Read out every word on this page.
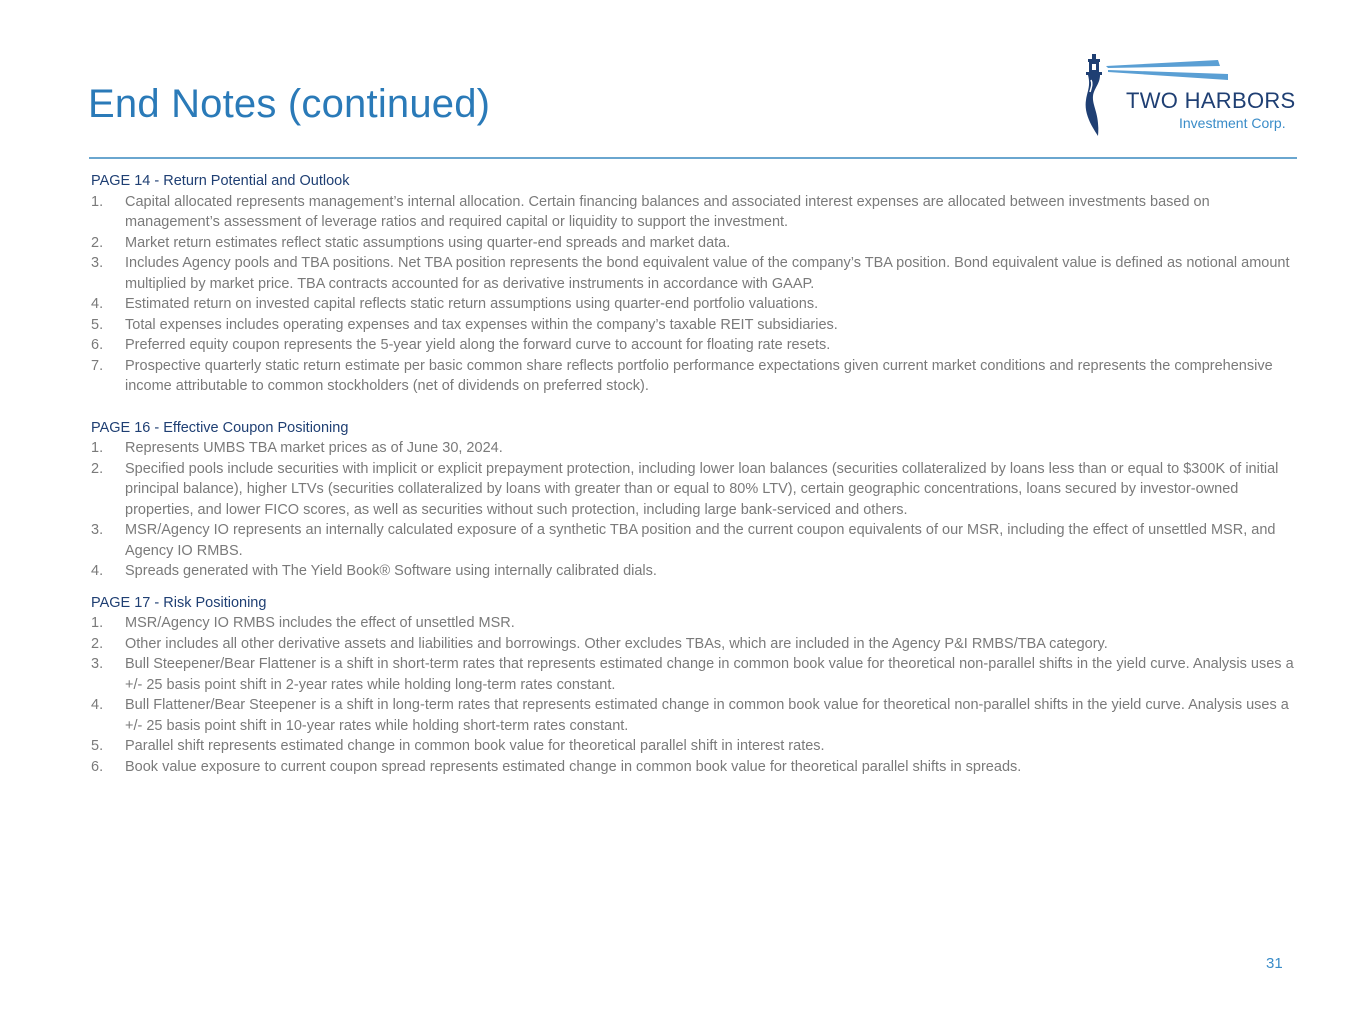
End Notes (continued)	TWO HARBORS
Investment Corp.

PAGE 14 - Return Potential and Outlook

1. Capital allocated represents management’s internal allocation. Certain financing balances and associated interest expenses are allocated between investments based on management’s assessment of leverage ratios and required capital or liquidity to support the investment.
2. Market return estimates reflect static assumptions using quarter-end spreads and market data.
3. Includes Agency pools and TBA positions. Net TBA position represents the bond equivalent value of the company’s TBA position. Bond equivalent value is defined as notional amount multiplied by market price. TBA contracts accounted for as derivative instruments in accordance with GAAP.
4. Estimated return on invested capital reflects static return assumptions using quarter-end portfolio valuations.
5. Total expenses includes operating expenses and tax expenses within the company’s taxable REIT subsidiaries.
6. Preferred equity coupon represents the 5-year yield along the forward curve to account for floating rate resets.
7. Prospective quarterly static return estimate per basic common share reflects portfolio performance expectations given current market conditions and represents the comprehensive income attributable to common stockholders (net of dividends on preferred stock).

PAGE 16 - Effective Coupon Positioning

1. Represents UMBS TBA market prices as of June 30, 2024.
2. Specified pools include securities with implicit or explicit prepayment protection, including lower loan balances (securities collateralized by loans less than or equal to $300K of initial principal balance), higher LTVs (securities collateralized by loans with greater than or equal to 80% LTV), certain geographic concentrations, loans secured by investor-owned properties, and lower FICO scores, as well as securities without such protection, including large bank-serviced and others.
3. MSR/Agency IO represents an internally calculated exposure of a synthetic TBA position and the current coupon equivalents of our MSR, including the effect of unsettled MSR, and Agency IO RMBS.
4. Spreads generated with The Yield Book® Software using internally calibrated dials.

PAGE 17 - Risk Positioning

1. MSR/Agency IO RMBS includes the effect of unsettled MSR.
2. Other includes all other derivative assets and liabilities and borrowings. Other excludes TBAs, which are included in the Agency P&I RMBS/TBA category.
3. Bull Steepener/Bear Flattener is a shift in short-term rates that represents estimated change in common book value for theoretical non-parallel shifts in the yield curve. Analysis uses a +/- 25 basis point shift in 2-year rates while holding long-term rates constant.
4. Bull Flattener/Bear Steepener is a shift in long-term rates that represents estimated change in common book value for theoretical non-parallel shifts in the yield curve. Analysis uses a +/- 25 basis point shift in 10-year rates while holding short-term rates constant.
5. Parallel shift represents estimated change in common book value for theoretical parallel shift in interest rates.
6. Book value exposure to current coupon spread represents estimated change in common book value for theoretical parallel shifts in spreads.
31
